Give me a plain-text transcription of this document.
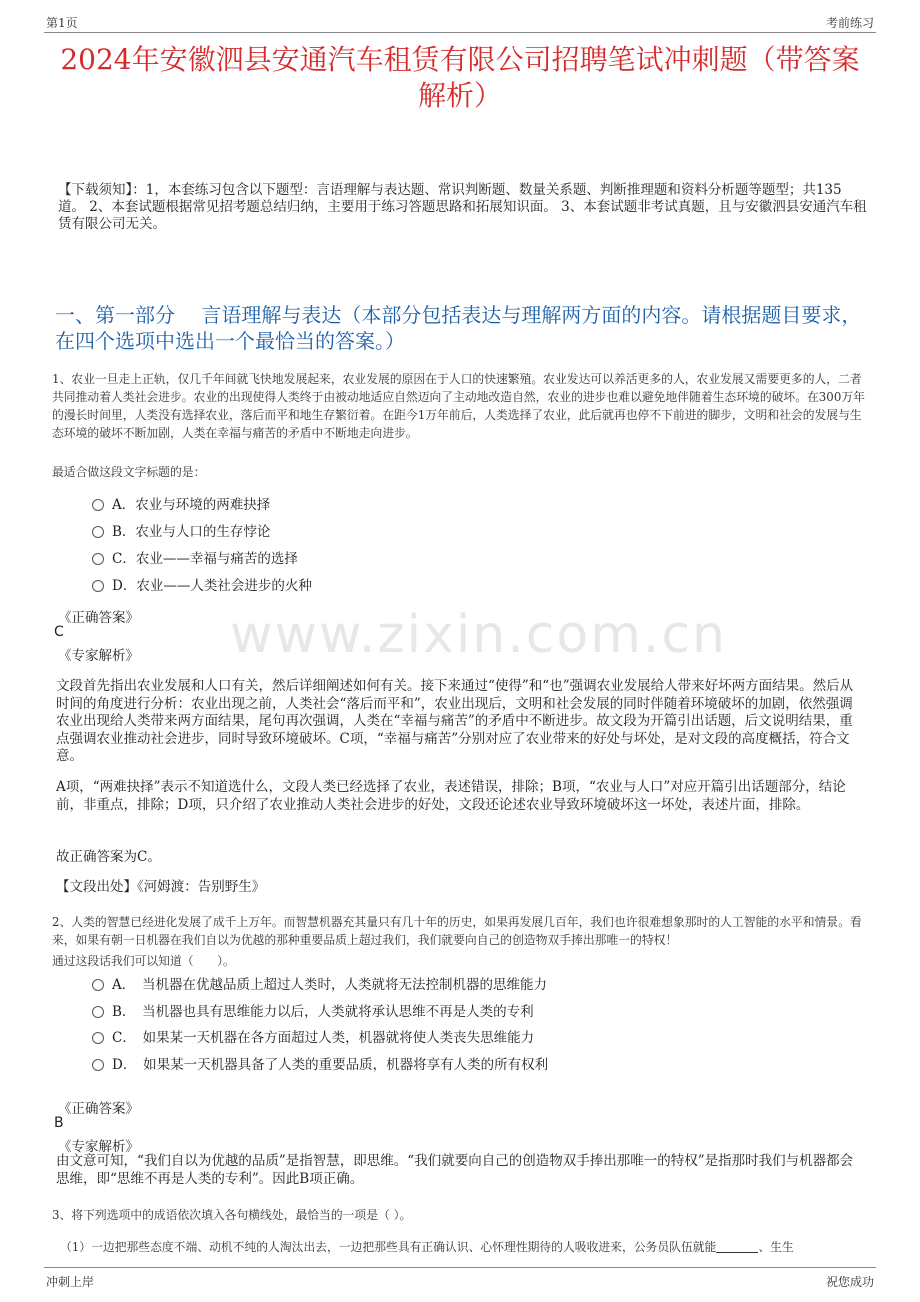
第1页	考前练习
2024年安徽泗县安通汽车租赁有限公司招聘笔试冲刺题（带答案解析）
【下载须知】：1，本套练习包含以下题型：言语理解与表达题、常识判断题、数量关系题、判断推理题和资料分析题等题型；共135道。 2、本套试题根据常见招考题总结归纳，主要用于练习答题思路和拓展知识面。 3、本套试题非考试真题，且与安徽泗县安通汽车租赁有限公司无关。
一、第一部分　 言语理解与表达（本部分包括表达与理解两方面的内容。请根据题目要求，在四个选项中选出一个最恰当的答案。）
www.zixin.com.cn
1、农业一旦走上正轨，仅几千年间就飞快地发展起来，农业发展的原因在于人口的快速繁殖。农业发达可以养活更多的人，农业发展又需要更多的人，二者共同推动着人类社会进步。农业的出现使得人类终于由被动地适应自然迈向了主动地改造自然，农业的进步也难以避免地伴随着生态环境的破坏。在300万年的漫长时间里，人类没有选择农业，落后而平和地生存繁衍着。在距今1万年前后，人类选择了农业，此后就再也停不下前进的脚步，文明和社会的发展与生态环境的破坏不断加剧，人类在幸福与痛苦的矛盾中不断地走向进步。
最适合做这段文字标题的是：
A．农业与环境的两难抉择
B．农业与人口的生存悖论
C．农业——幸福与痛苦的选择
D．农业——人类社会进步的火种
《正确答案》
C
《专家解析》
文段首先指出农业发展和人口有关，然后详细阐述如何有关。接下来通过“使得”和“也”强调农业发展给人带来好坏两方面结果。然后从时间的角度进行分析：农业出现之前，人类社会“落后而平和”，农业出现后，文明和社会发展的同时伴随着环境破坏的加剧，依然强调农业出现给人类带来两方面结果，尾句再次强调，人类在“幸福与痛苦”的矛盾中不断进步。故文段为开篇引出话题，后文说明结果，重点强调农业推动社会进步，同时导致环境破坏。C项，“幸福与痛苦”分别对应了农业带来的好处与坏处，是对文段的高度概括，符合文意。
A项，“两难抉择”表示不知道选什么，文段人类已经选择了农业，表述错误，排除；B项，“农业与人口”对应开篇引出话题部分，结论前，非重点，排除；D项，只介绍了农业推动人类社会进步的好处，文段还论述农业导致环境破坏这一坏处，表述片面，排除。
故正确答案为C。
【文段出处】《河姆渡：告别野生》
2、人类的智慧已经进化发展了成千上万年。而智慧机器充其量只有几十年的历史，如果再发展几百年，我们也许很难想象那时的人工智能的水平和情景。看来，如果有朝一日机器在我们自以为优越的那种重要品质上超过我们，我们就要向自己的创造物双手捧出那唯一的特权！
通过这段话我们可以知道（　　）。
A．　当机器在优越品质上超过人类时，人类就将无法控制机器的思维能力
B．　当机器也具有思维能力以后，人类就将承认思维不再是人类的专利
C．　如果某一天机器在各方面超过人类，机器就将使人类丧失思维能力
D．　如果某一天机器具备了人类的重要品质，机器将享有人类的所有权利
《正确答案》
B
《专家解析》
由文意可知，“我们自以为优越的品质”是指智慧，即思维。“我们就要向自己的创造物双手捧出那唯一的特权”是指那时我们与机器都会思维，即“思维不再是人类的专利”。因此B项正确。
3、将下列选项中的成语依次填入各句横线处，最恰当的一项是（ ）。
（1）一边把那些态度不端、动机不纯的人淘汰出去，一边把那些具有正确认识、心怀理性期待的人吸收进来，公务员队伍就能	、生生
冲刺上岸	祝您成功
